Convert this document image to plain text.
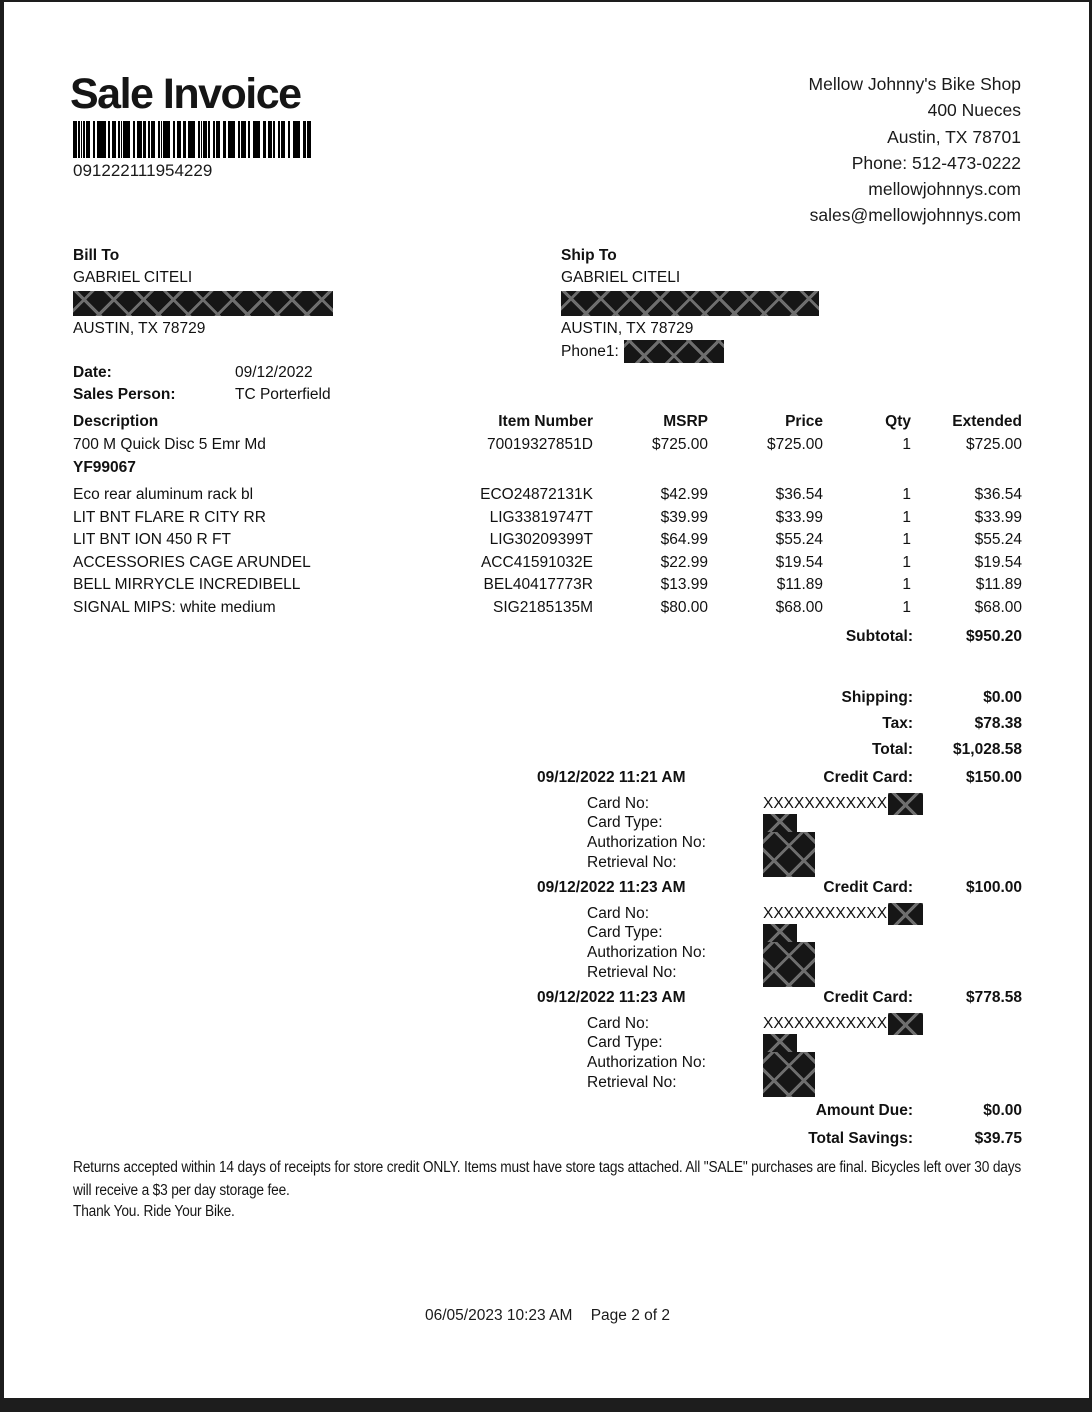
Sale Invoice
091222111954229
Mellow Johnny's Bike Shop
400 Nueces
Austin, TX 78701
Phone: 512-473-0222
mellowjohnnys.com
sales@mellowjohnnys.com
Bill To
GABRIEL CITELI
AUSTIN, TX 78729
Ship To
GABRIEL CITELI
AUSTIN, TX 78729
Phone1:
Date:	09/12/2022
Sales Person:	TC Porterfield
Description	Item Number	MSRP	Price	Qty	Extended
700 M Quick Disc 5 Emr Md	70019327851D	$725.00	$725.00	1	$725.00
YF99067					

Eco rear aluminum rack bl	ECO24872131K	$42.99	$36.54	1	$36.54
LIT BNT FLARE R CITY RR	LIG33819747T	$39.99	$33.99	1	$33.99
LIT BNT ION 450 R FT	LIG30209399T	$64.99	$55.24	1	$55.24
ACCESSORIES CAGE ARUNDEL	ACC41591032E	$22.99	$19.54	1	$19.54
BELL MIRRYCLE INCREDIBELL	BEL40417773R	$13.99	$11.89	1	$11.89
SIGNAL MIPS: white medium	SIG2185135M	$80.00	$68.00	1	$68.00
Subtotal:	$950.20
Shipping:	$0.00
Tax:	$78.38
Total:	$1,028.58
09/12/2022 11:21 AM	Credit Card:	$150.00
Card No:	XXXXXXXXXXXX
Card Type:
Authorization No:
Retrieval No:
09/12/2022 11:23 AM	Credit Card:	$100.00
Card No:	XXXXXXXXXXXX
Card Type:
Authorization No:
Retrieval No:
09/12/2022 11:23 AM	Credit Card:	$778.58
Card No:	XXXXXXXXXXXX
Card Type:
Authorization No:
Retrieval No:
Amount Due:	$0.00
Total Savings:	$39.75
Returns accepted within 14 days of receipts for store credit ONLY. Items must have store tags attached. All "SALE" purchases are final. Bicycles left over 30 days will receive a $3 per day storage fee.
Thank You. Ride Your Bike.
06/05/2023 10:23 AM Page 2 of 2
